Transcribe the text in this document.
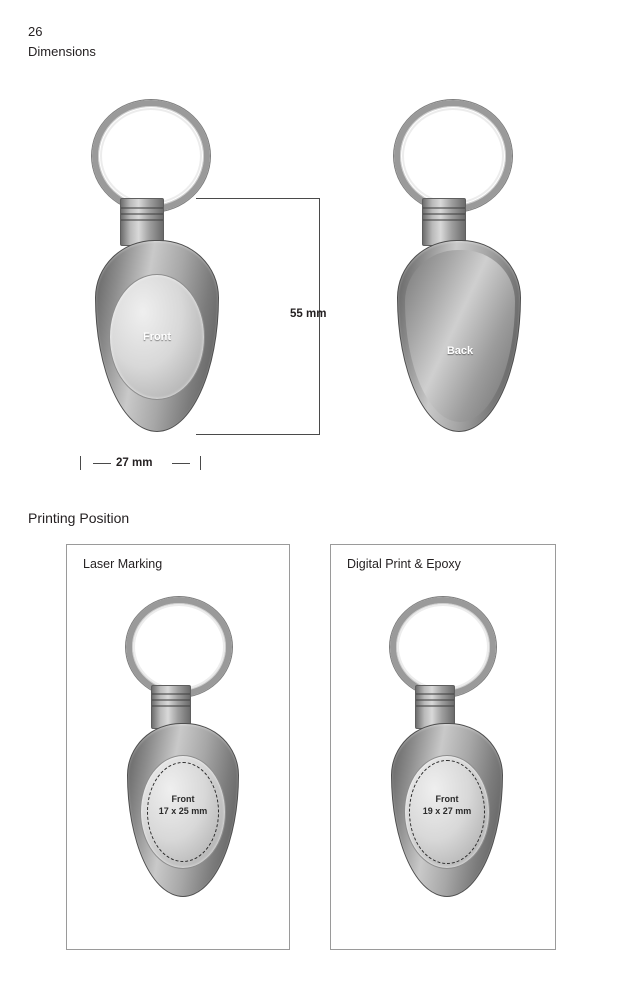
26
Dimensions
Front
Back
55 mm
27 mm
Printing Position
Laser Marking
Front
17 x 25 mm
Digital Print & Epoxy
Front
19 x 27 mm
